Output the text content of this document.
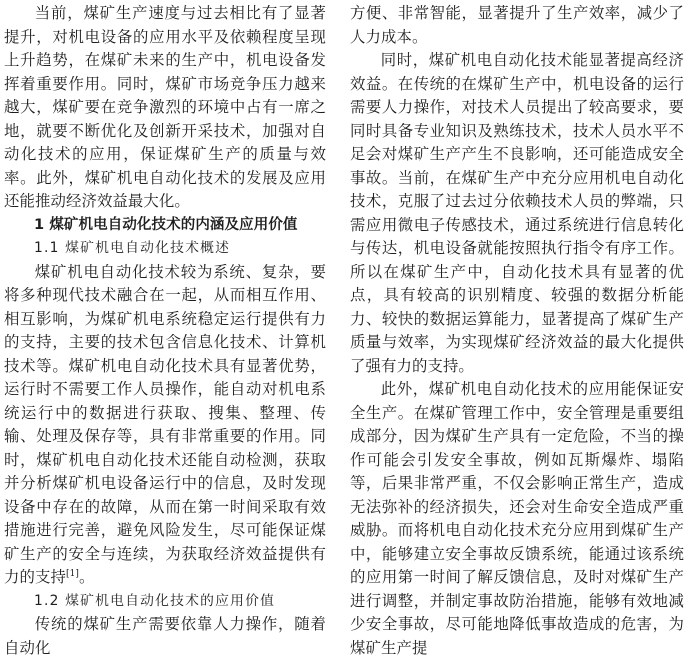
当前，煤矿生产速度与过去相比有了显著提升，对机电设备的应用水平及依赖程度呈现上升趋势，在煤矿未来的生产中，机电设备发挥着重要作用。同时，煤矿市场竞争压力越来越大，煤矿要在竞争激烈的环境中占有一席之地，就要不断优化及创新开采技术，加强对自动化技术的应用，保证煤矿生产的质量与效率。此外，煤矿机电自动化技术的发展及应用还能推动经济效益最大化。

1 煤矿机电自动化技术的内涵及应用价值

1.1 煤矿机电自动化技术概述

煤矿机电自动化技术较为系统、复杂，要将多种现代技术融合在一起，从而相互作用、相互影响，为煤矿机电系统稳定运行提供有力的支持，主要的技术包含信息化技术、计算机技术等。煤矿机电自动化技术具有显著优势，运行时不需要工作人员操作，能自动对机电系统运行中的数据进行获取、搜集、整理、传输、处理及保存等，具有非常重要的作用。同时，煤矿机电自动化技术还能自动检测，获取并分析煤矿机电设备运行中的信息，及时发现设备中存在的故障，从而在第一时间采取有效措施进行完善，避免风险发生，尽可能保证煤矿生产的安全与连续，为获取经济效益提供有力的支持[1]。

1.2 煤矿机电自动化技术的应用价值

传统的煤矿生产需要依靠人力操作，随着自动化

方便、非常智能，显著提升了生产效率，减少了人力成本。

同时，煤矿机电自动化技术能显著提高经济效益。在传统的在煤矿生产中，机电设备的运行需要人力操作，对技术人员提出了较高要求，要同时具备专业知识及熟练技术，技术人员水平不足会对煤矿生产产生不良影响，还可能造成安全事故。当前，在煤矿生产中充分应用机电自动化技术，克服了过去过分依赖技术人员的弊端，只需应用微电子传感技术，通过系统进行信息转化与传达，机电设备就能按照执行指令有序工作。所以在煤矿生产中，自动化技术具有显著的优点，具有较高的识别精度、较强的数据分析能力、较快的数据运算能力，显著提高了煤矿生产质量与效率，为实现煤矿经济效益的最大化提供了强有力的支持。

此外，煤矿机电自动化技术的应用能保证安全生产。在煤矿管理工作中，安全管理是重要组成部分，因为煤矿生产具有一定危险，不当的操作可能会引发安全事故，例如瓦斯爆炸、塌陷等，后果非常严重，不仅会影响正常生产，造成无法弥补的经济损失，还会对生命安全造成严重威胁。而将机电自动化技术充分应用到煤矿生产中，能够建立安全事故反馈系统，能通过该系统的应用第一时间了解反馈信息，及时对煤矿生产进行调整，并制定事故防治措施，能够有效地减少安全事故，尽可能地降低事故造成的危害，为煤矿生产提
